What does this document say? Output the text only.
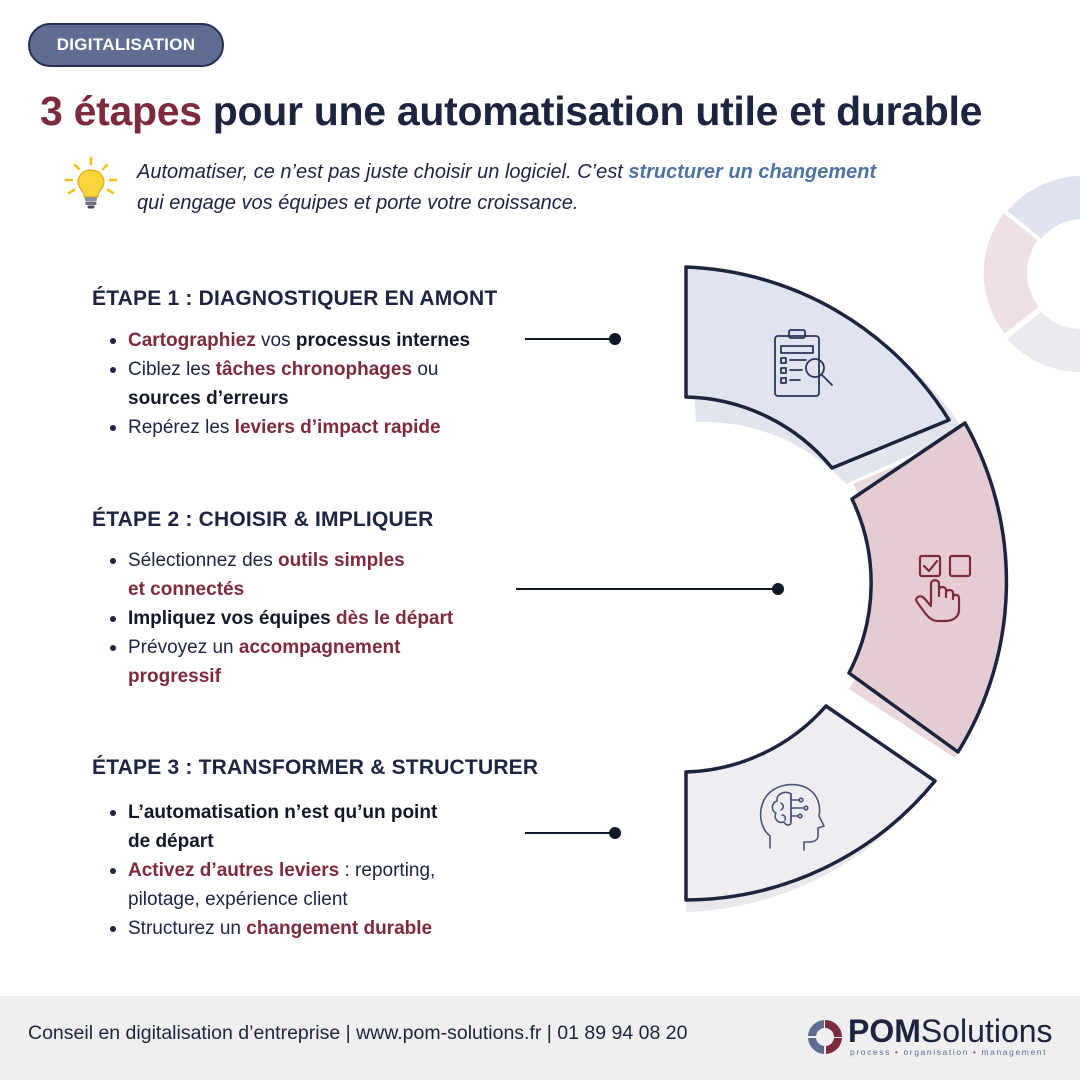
DIGITALISATION
3 étapes pour une automatisation utile et durable

Automatiser, ce n’est pas juste choisir un logiciel. C’est structurer un changement
qui engage vos équipes et porte votre croissance.

ÉTAPE 1 : DIAGNOSTIQUER EN AMONT
Cartographiez vos processus internes
Ciblez les tâches chronophages ou
sources d’erreurs
Repérez les leviers d’impact rapide
ÉTAPE 2 : CHOISIR & IMPLIQUER
Sélectionnez des outils simples
et connectés
Impliquez vos équipes dès le départ
Prévoyez un accompagnement
progressif
ÉTAPE 3 : TRANSFORMER & STRUCTURER
L’automatisation n’est qu’un point
de départ
Activez d’autres leviers : reporting,
pilotage, expérience client
Structurez un changement durable
Conseil en digitalisation d’entreprise | www.pom-solutions.fr | 01 89 94 08 20	POMSolutions
process • organisation • management
